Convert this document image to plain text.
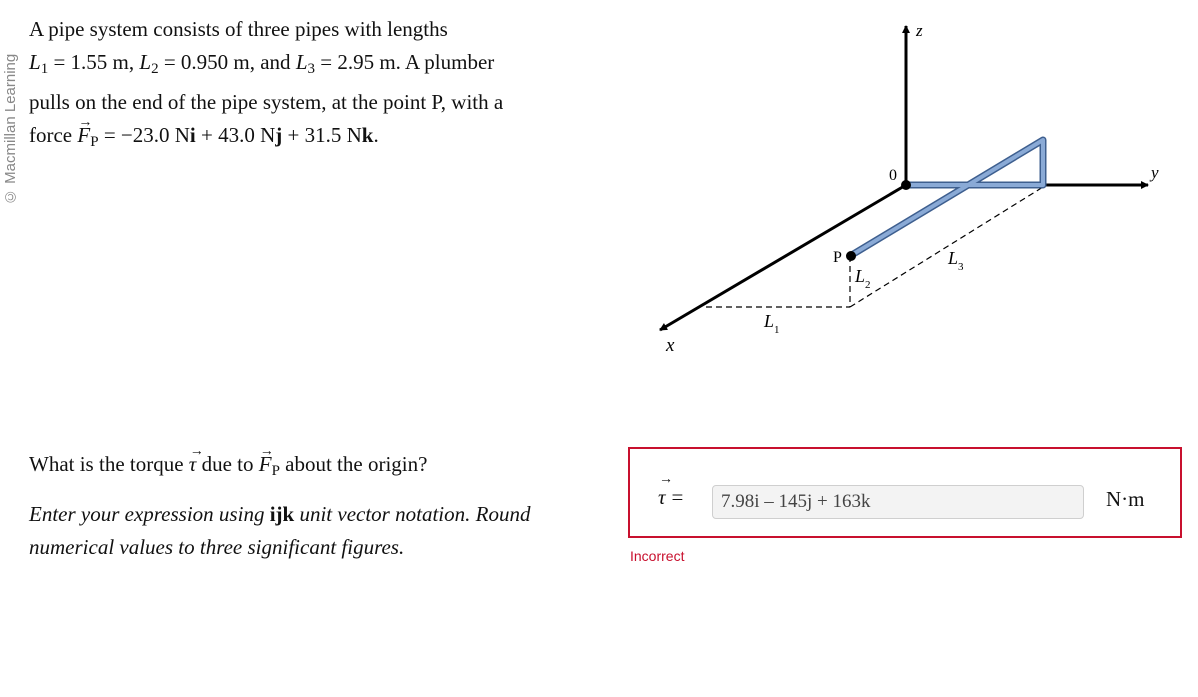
© Macmillan Learning

A pipe system consists of three pipes with lengths

$L_1 = 1.55$ m, $L_2 = 0.950$ m, and $L_3 = 2.95$ m. A plumber

pulls on the end of the pipe system, at the point P, with a

force → $F_P = -23.0$ Ni + 43.0 Nj + 31.5 Nk.

z
y
x
0
P
$L_1$
$L_2$
$L_3$

What is the torque → τ due to → $F_P$ about the origin?

Enter your expression using ijk unit vector notation. Round numerical values to three significant figures.

→ τ =	7.98i – 145j + 163k	N·m
Incorrect
